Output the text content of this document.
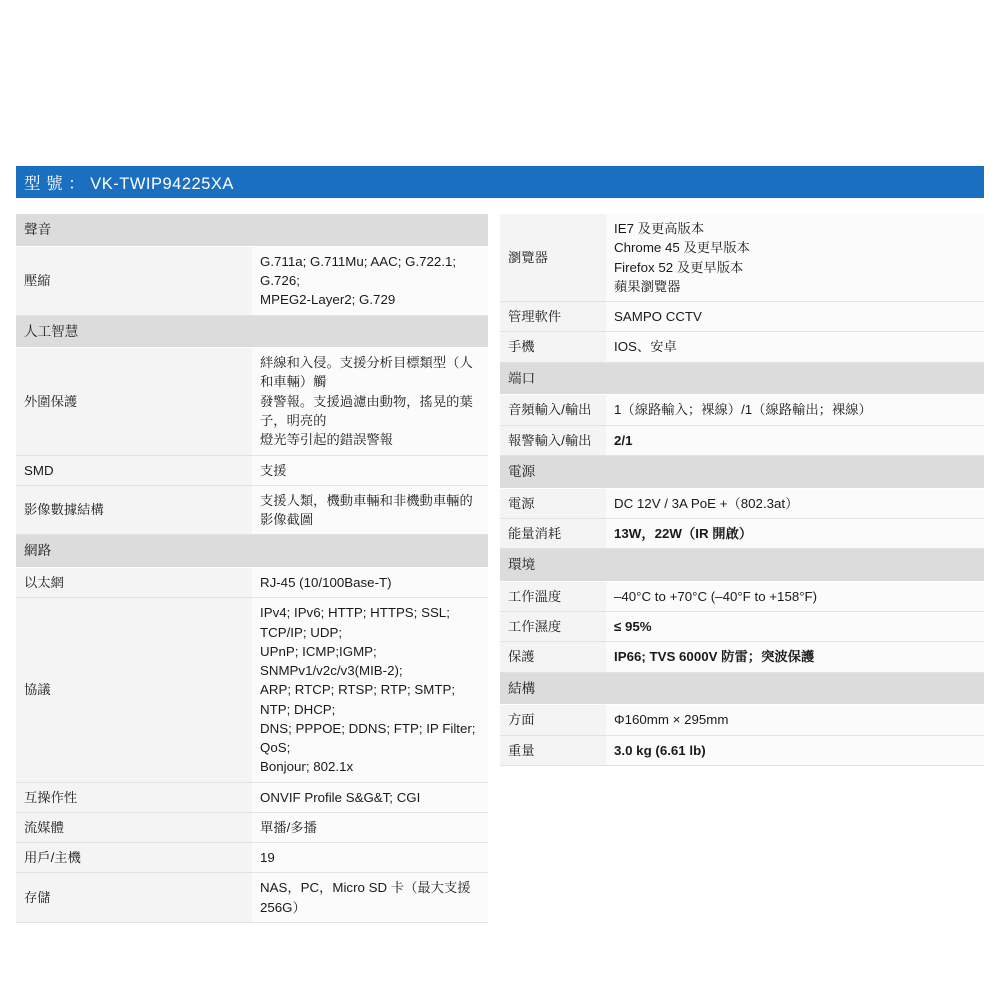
型 號 ： VK-TWIP94225XA
聲音	
壓縮	G.711a; G.711Mu; AAC; G.722.1; G.726;
MPEG2-Layer2; G.729

人工智慧	
外圍保護	絆線和入侵。支援分析目標類型（人和車輛）觸
發警報。支援過濾由動物，搖晃的葉子，明亮的
燈光等引起的錯誤警報

SMD	支援

影像數據結構	支援人類，機動車輛和非機動車輛的影像截圖

網路	
以太網	RJ-45 (10/100Base-T)

協議	IPv4; IPv6; HTTP; HTTPS; SSL; TCP/IP; UDP;
UPnP; ICMP;IGMP; SNMPv1/v2c/v3(MIB-2);
ARP; RTCP; RTSP; RTP; SMTP; NTP; DHCP;
DNS; PPPOE; DDNS; FTP; IP Filter; QoS;
Bonjour; 802.1x

互操作性	ONVIF Profile S&G&T; CGI

流媒體	單播/多播

用戶/主機	19

存儲	NAS，PC，Micro SD 卡（最大支援 256G）
瀏覽器	IE7 及更高版本
Chrome 45 及更早版本
Firefox 52 及更早版本
蘋果瀏覽器

管理軟件	SAMPO CCTV

手機	IOS、安卓

端口	
音頻輸入/輸出	1（線路輸入；裸線）/1（線路輸出；裸線）

報警輸入/輸出	2/1

電源	
電源	DC 12V / 3A PoE +（802.3at）

能量消耗	13W，22W（IR 開啟）

環境	
工作溫度	–40°C to +70°C (–40°F to +158°F)

工作濕度	≤ 95%

保護	IP66; TVS 6000V 防雷；突波保護

結構	
方面	Φ160mm × 295mm

重量	3.0 kg (6.61 lb)
